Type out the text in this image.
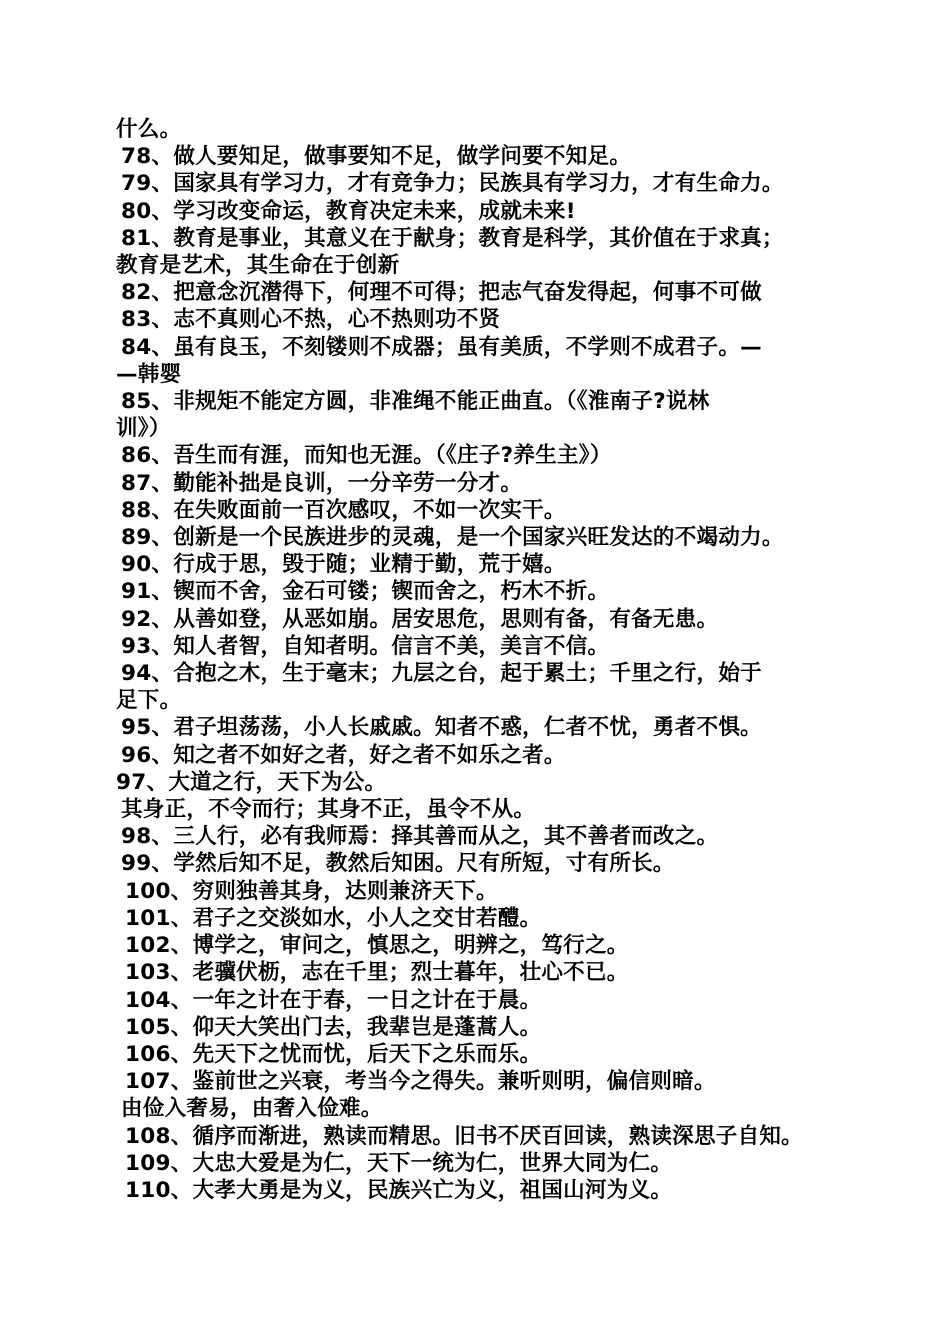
什么。
78、做人要知足，做事要知不足，做学问要不知足。
79、国家具有学习力，才有竞争力；民族具有学习力，才有生命力。
80、学习改变命运，教育决定未来，成就未来!
81、教育是事业，其意义在于献身；教育是科学，其价值在于求真；
教育是艺术，其生命在于创新
82、把意念沉潜得下，何理不可得；把志气奋发得起，何事不可做
83、志不真则心不热，心不热则功不贤
84、虽有良玉，不刻镂则不成器；虽有美质，不学则不成君子。—
—韩婴
85、非规矩不能定方圆，非准绳不能正曲直。（《淮南子?说林
训》）
86、吾生而有涯，而知也无涯。（《庄子?养生主》）
87、勤能补拙是良训，一分辛劳一分才。
88、在失败面前一百次感叹，不如一次实干。
89、创新是一个民族进步的灵魂，是一个国家兴旺发达的不竭动力。
90、行成于思，毁于随；业精于勤，荒于嬉。
91、锲而不舍，金石可镂；锲而舍之，朽木不折。
92、从善如登，从恶如崩。居安思危，思则有备，有备无患。
93、知人者智，自知者明。信言不美，美言不信。
94、合抱之木，生于毫末；九层之台，起于累土；千里之行，始于
足下。
95、君子坦荡荡，小人长戚戚。知者不惑，仁者不忧，勇者不惧。
96、知之者不如好之者，好之者不如乐之者。
97、大道之行，天下为公。
其身正，不令而行；其身不正，虽令不从。
98、三人行，必有我师焉：择其善而从之，其不善者而改之。
99、学然后知不足，教然后知困。尺有所短，寸有所长。
100、穷则独善其身，达则兼济天下。
101、君子之交淡如水，小人之交甘若醴。
102、博学之，审问之，慎思之，明辨之，笃行之。
103、老骥伏枥，志在千里；烈士暮年，壮心不已。
104、一年之计在于春，一日之计在于晨。
105、仰天大笑出门去，我辈岂是蓬蒿人。
106、先天下之忧而忧，后天下之乐而乐。
107、鉴前世之兴衰，考当今之得失。兼听则明，偏信则暗。
由俭入奢易，由奢入俭难。
108、循序而渐进，熟读而精思。旧书不厌百回读，熟读深思子自知。
109、大忠大爱是为仁，天下一统为仁，世界大同为仁。
110、大孝大勇是为义，民族兴亡为义，祖国山河为义。
